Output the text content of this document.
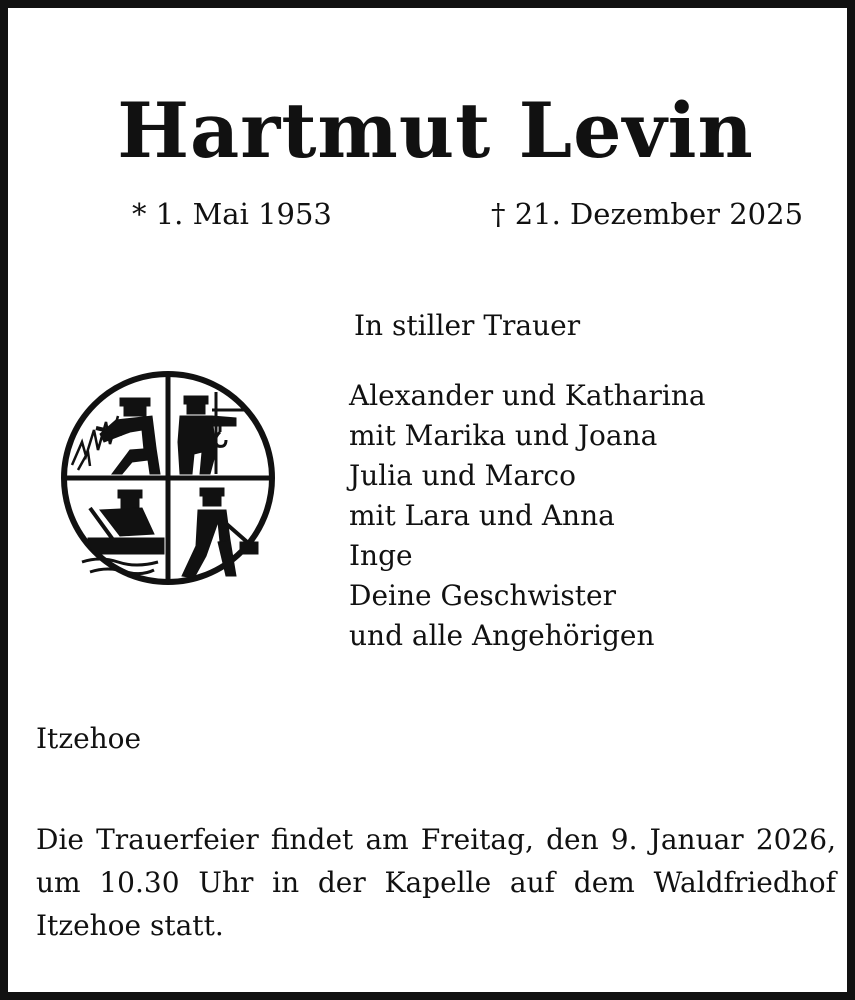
Hartmut Levin
* 1. Mai 1953	† 21. Dezember 2025
In stiller Trauer
Alexander und Katharina
mit Marika und Joana
Julia und Marco
mit Lara und Anna
Inge
Deine Geschwister
und alle Angehörigen
Itzehoe
Die Trauerfeier findet am Freitag, den 9. Januar 2026, um 10.30 Uhr in der Kapelle auf dem Waldfriedhof Itzehoe statt.
